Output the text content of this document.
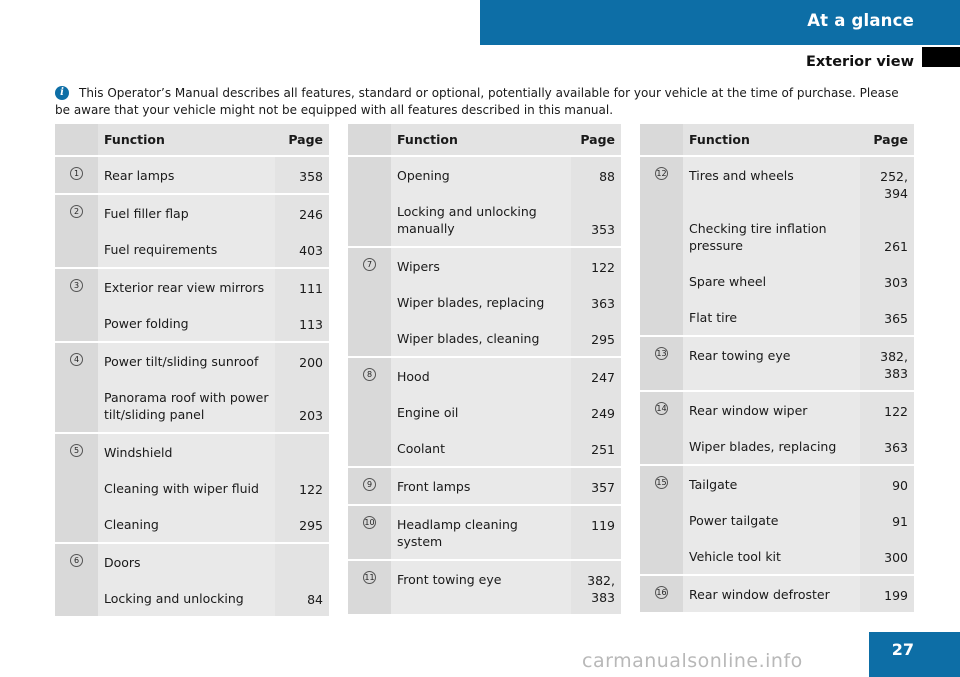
At a glance
Exterior view
i	This Operator’s Manual describes all features, standard or optional, potentially available for your vehicle at the time of purchase. Please be aware that your vehicle might not be equipped with all features described in this manual.
	Function	Page
1	Rear lamps	358

2	Fuel filler flap	246

	Fuel requirements	403

3	Exterior rear view mirrors	111

	Power folding	113

4	Power tilt/sliding sunroof	200

	Panorama roof with power tilt/sliding panel	203

5	Windshield	

	Cleaning with wiper fluid	122

	Cleaning	295

6	Doors	

	Locking and unlocking	84
	Function	Page

	Opening	88

	Locking and unlocking manually	353

7	Wipers	122

	Wiper blades, replacing	363

	Wiper blades, cleaning	295

8	Hood	247

	Engine oil	249

	Coolant	251

9	Front lamps	357

10	Headlamp cleaning system	119

11	Front towing eye	382, 383
	Function	Page
12	Tires and wheels	252, 394

	Checking tire inflation pressure	261

	Spare wheel	303

	Flat tire	365

13	Rear towing eye	382, 383

14	Rear window wiper	122

	Wiper blades, replacing	363

15	Tailgate	90

	Power tailgate	91

	Vehicle tool kit	300

16	Rear window defroster	199
27
carmanualsonline.info
